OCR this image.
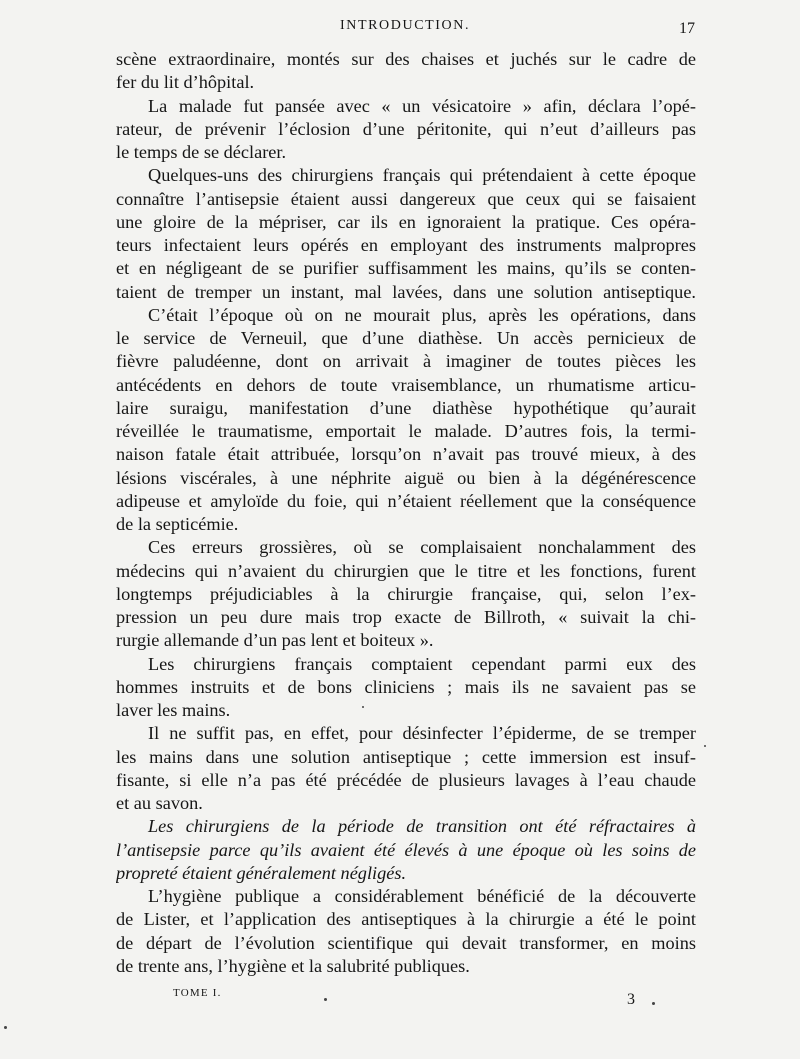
INTRODUCTION.	17
scène extraordinaire, montés sur des chaises et juchés sur le cadre de
fer du lit d’hôpital.
La malade fut pansée avec « un vésicatoire » afin, déclara l’opé-
rateur, de prévenir l’éclosion d’une péritonite, qui n’eut d’ailleurs pas
le temps de se déclarer.
Quelques-uns des chirurgiens français qui prétendaient à cette époque
connaître l’antisepsie étaient aussi dangereux que ceux qui se faisaient
une gloire de la mépriser, car ils en ignoraient la pratique. Ces opéra-
teurs infectaient leurs opérés en employant des instruments malpropres
et en négligeant de se purifier suffisamment les mains, qu’ils se conten-
taient de tremper un instant, mal lavées, dans une solution antiseptique.
C’était l’époque où on ne mourait plus, après les opérations, dans
le service de Verneuil, que d’une diathèse. Un accès pernicieux de
fièvre paludéenne, dont on arrivait à imaginer de toutes pièces les
antécédents en dehors de toute vraisemblance, un rhumatisme articu-
laire suraigu, manifestation d’une diathèse hypothétique qu’aurait
réveillée le traumatisme, emportait le malade. D’autres fois, la termi-
naison fatale était attribuée, lorsqu’on n’avait pas trouvé mieux, à des
lésions viscérales, à une néphrite aiguë ou bien à la dégénérescence
adipeuse et amyloïde du foie, qui n’étaient réellement que la conséquence
de la septicémie.
Ces erreurs grossières, où se complaisaient nonchalamment des
médecins qui n’avaient du chirurgien que le titre et les fonctions, furent
longtemps préjudiciables à la chirurgie française, qui, selon l’ex-
pression un peu dure mais trop exacte de Billroth, « suivait la chi-
rurgie allemande d’un pas lent et boiteux ».
Les chirurgiens français comptaient cependant parmi eux des
hommes instruits et de bons cliniciens ; mais ils ne savaient pas se
laver les mains.
Il ne suffit pas, en effet, pour désinfecter l’épiderme, de se tremper
les mains dans une solution antiseptique ; cette immersion est insuf-
fisante, si elle n’a pas été précédée de plusieurs lavages à l’eau chaude
et au savon.
Les chirurgiens de la période de transition ont été réfractaires à
l’antisepsie parce qu’ils avaient été élevés à une époque où les soins de
propreté étaient généralement négligés.
L’hygiène publique a considérablement bénéficié de la découverte
de Lister, et l’application des antiseptiques à la chirurgie a été le point
de départ de l’évolution scientifique qui devait transformer, en moins
de trente ans, l’hygiène et la salubrité publiques.
TOME I.	3
